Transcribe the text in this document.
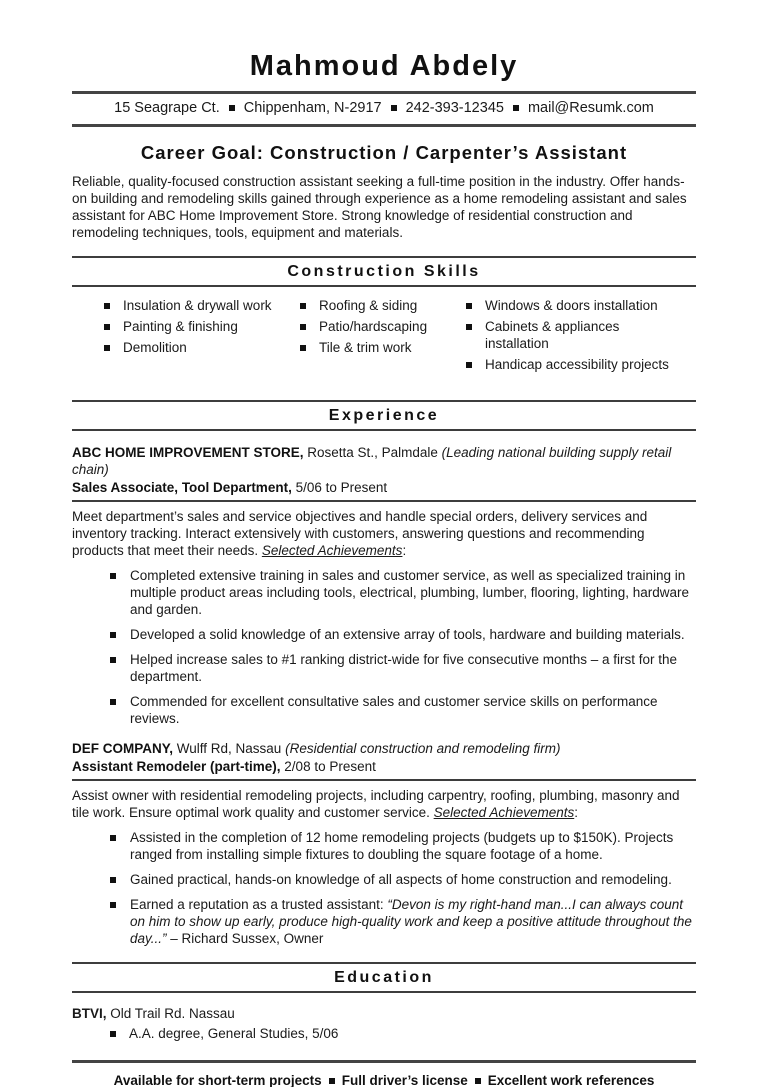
Mahmoud Abdely
15 Seagrape Ct. Chippenham, N-2917 242-393-12345 mail@Resumk.com
Career Goal: Construction / Carpenter’s Assistant

Reliable, quality-focused construction assistant seeking a full-time position in the industry. Offer hands-on building and remodeling skills gained through experience as a home remodeling assistant and sales assistant for ABC Home Improvement Store. Strong knowledge of residential construction and remodeling techniques, tools, equipment and materials.

Construction Skills
Insulation & drywall work
Painting & finishing
Demolition
Roofing & siding
Patio/hardscaping
Tile & trim work
Windows & doors installation
Cabinets & appliances installation
Handicap accessibility projects
Experience

ABC HOME IMPROVEMENT STORE, Rosetta St., Palmdale (Leading national building supply retail chain)

Sales Associate, Tool Department, 5/06 to Present

Meet department’s sales and service objectives and handle special orders, delivery services and inventory tracking. Interact extensively with customers, answering questions and recommending products that meet their needs. Selected Achievements:

Completed extensive training in sales and customer service, as well as specialized training in multiple product areas including tools, electrical, plumbing, lumber, flooring, lighting, hardware and garden.
Developed a solid knowledge of an extensive array of tools, hardware and building materials.
Helped increase sales to #1 ranking district-wide for five consecutive months – a first for the department.
Commended for excellent consultative sales and customer service skills on performance reviews.

DEF COMPANY, Wulff Rd, Nassau (Residential construction and remodeling firm)

Assistant Remodeler (part-time), 2/08 to Present

Assist owner with residential remodeling projects, including carpentry, roofing, plumbing, masonry and tile work. Ensure optimal work quality and customer service. Selected Achievements:

Assisted in the completion of 12 home remodeling projects (budgets up to $150K). Projects ranged from installing simple fixtures to doubling the square footage of a home.
Gained practical, hands-on knowledge of all aspects of home construction and remodeling.
Earned a reputation as a trusted assistant: “Devon is my right-hand man...I can always count on him to show up early, produce high-quality work and keep a positive attitude throughout the day...” – Richard Sussex, Owner
Education

BTVI, Old Trail Rd. Nassau

A.A. degree, General Studies, 5/06
Available for short-term projects Full driver’s license Excellent work references
